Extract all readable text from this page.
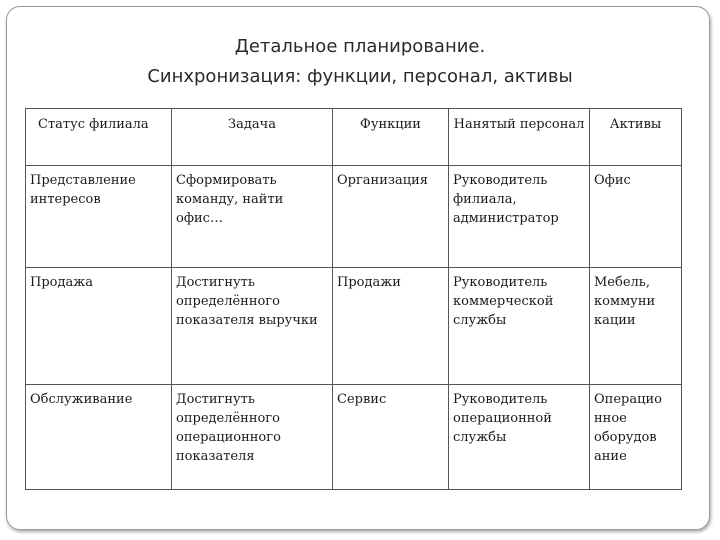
Детальное планирование.
Синхронизация: функции, персонал, активы
Статус филиала	Задача	Функции	Нанятый персонал	Активы
Представление интересов	Сформировать команду, найти офис…	Организация	Руководитель филиала, администратор	Офис
Продажа	Достигнуть определённого показателя выручки	Продажи	Руководитель коммерческой службы	Мебель, коммуни кации
Обслуживание	Достигнуть определённого операционного показателя	Сервис	Руководитель операционной службы	Операцио нное оборудов ание
